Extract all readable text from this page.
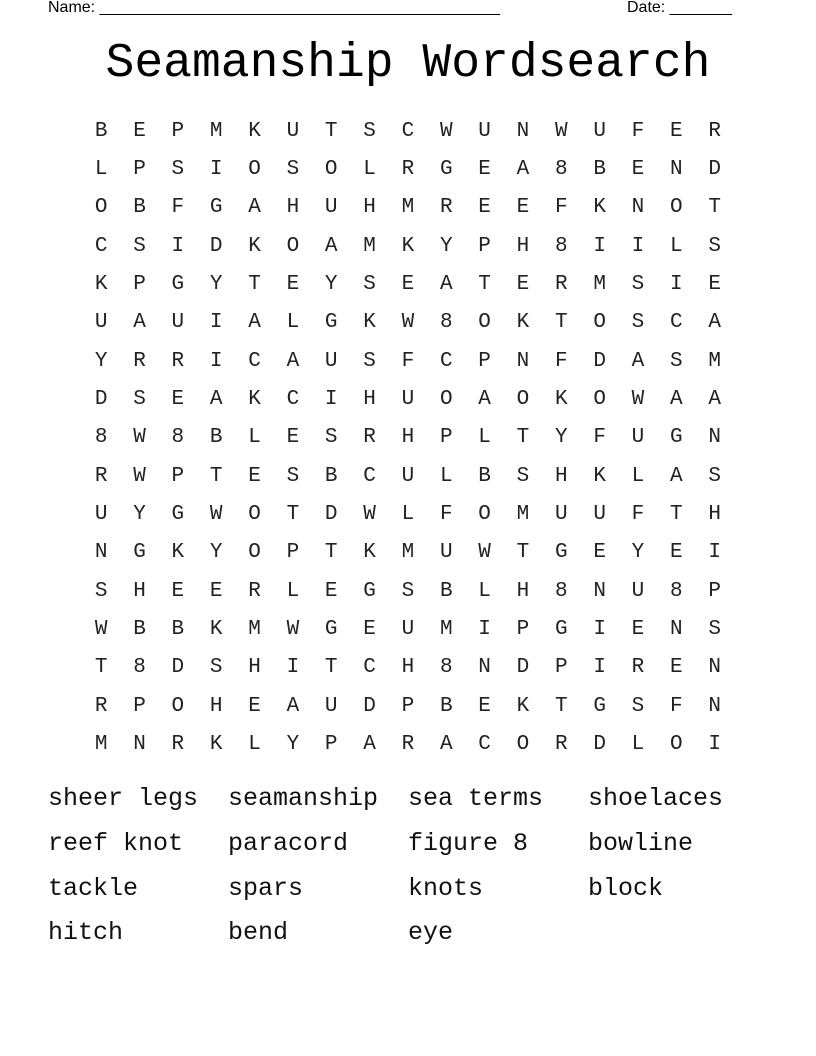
Name: _____________________________________________	Date: _______
Seamanship Wordsearch
B	E	P	M	K	U	T	S	C	W	U	N	W	U	F	E	R
L	P	S	I	O	S	O	L	R	G	E	A	8	B	E	N	D
O	B	F	G	A	H	U	H	M	R	E	E	F	K	N	O	T
C	S	I	D	K	O	A	M	K	Y	P	H	8	I	I	L	S
K	P	G	Y	T	E	Y	S	E	A	T	E	R	M	S	I	E
U	A	U	I	A	L	G	K	W	8	O	K	T	O	S	C	A
Y	R	R	I	C	A	U	S	F	C	P	N	F	D	A	S	M
D	S	E	A	K	C	I	H	U	O	A	O	K	O	W	A	A
8	W	8	B	L	E	S	R	H	P	L	T	Y	F	U	G	N
R	W	P	T	E	S	B	C	U	L	B	S	H	K	L	A	S
U	Y	G	W	O	T	D	W	L	F	O	M	U	U	F	T	H
N	G	K	Y	O	P	T	K	M	U	W	T	G	E	Y	E	I
S	H	E	E	R	L	E	G	S	B	L	H	8	N	U	8	P
W	B	B	K	M	W	G	E	U	M	I	P	G	I	E	N	S
T	8	D	S	H	I	T	C	H	8	N	D	P	I	R	E	N
R	P	O	H	E	A	U	D	P	B	E	K	T	G	S	F	N
M	N	R	K	L	Y	P	A	R	A	C	O	R	D	L	O	I
sheer legs	seamanship	sea terms	shoelaces
reef knot	paracord	figure 8	bowline
tackle	spars	knots	block
hitch	bend	eye
